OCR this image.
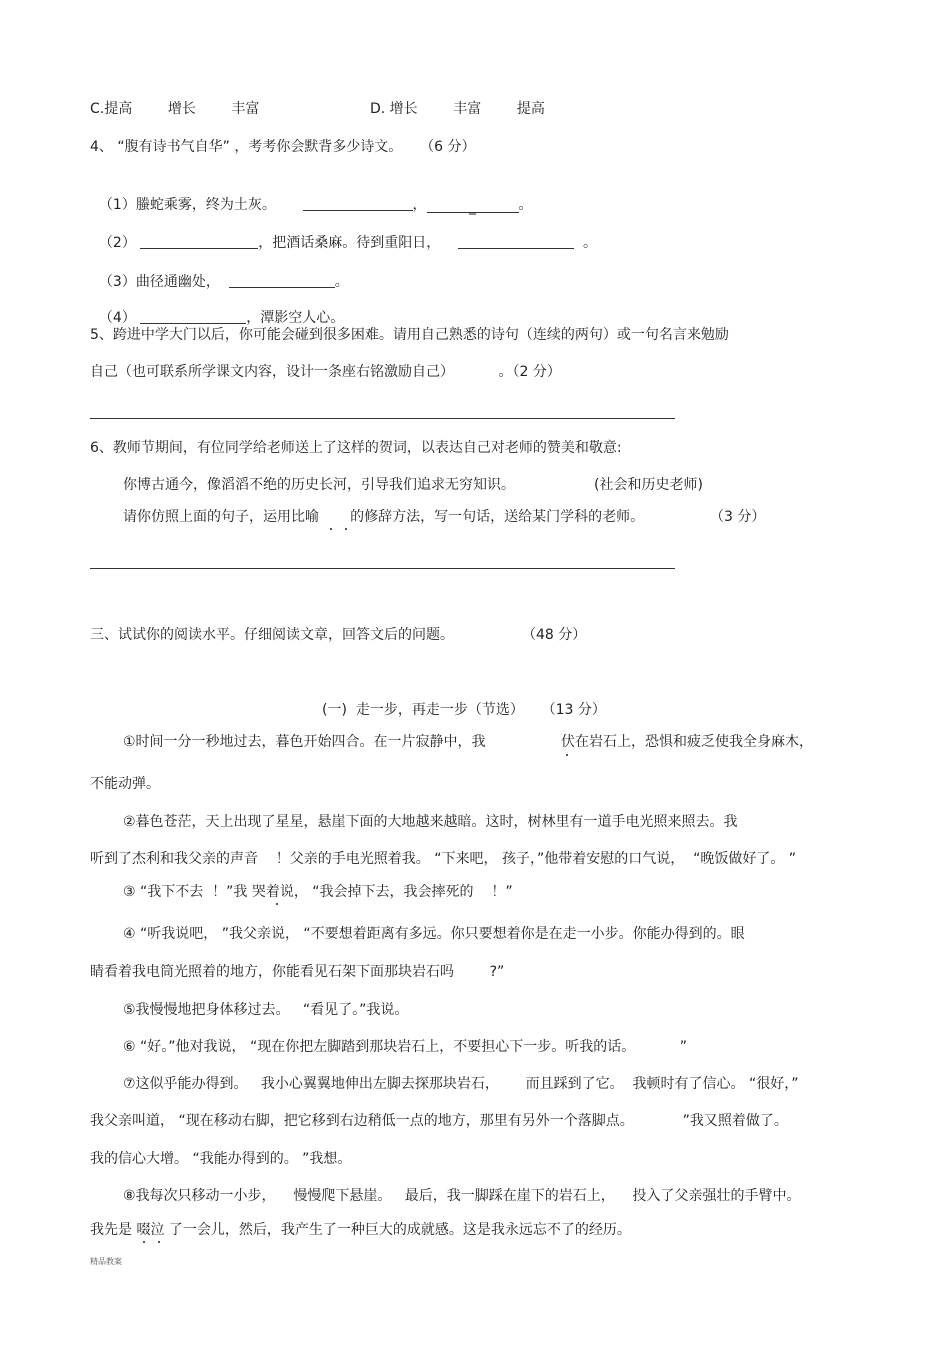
C.提高        增长        丰富	D. 增长        丰富        提高
4、 “腹有诗书气自华” ，考考你会默背多少诗文。    （6 分）

（1）螣蛇乘雾，终为土灰。	，	_	。

（2）	，把酒话桑麻。待到重阳日，	。

（3）曲径通幽处，	。

（4）	，潭影空人心。

5、跨进中学大门以后，你可能会碰到很多困难。请用自己熟悉的诗句（连续的两句）或一句名言来勉励
自己（也可联系所学课文内容，设计一条座右铭激励自己）          。（2 分）
6、教师节期间，有位同学给老师送上了这样的贺词，以表达自己对老师的赞美和敬意:
你博古通今，像滔滔不绝的历史长河，引导我们追求无穷知识。	(社会和历史老师)
请你仿照上面的句子，运用比喻 的修辞方法，写一句话，送给某门学科的老师。	（3 分）
三、试试你的阅读水平。仔细阅读文章，回答文后的问题。	（48 分）
(一)  走一步，再走一步（节选）    （13 分）
①时间一分一秒地过去，暮色开始四合。在一片寂静中，我	伏在岩石上，恐惧和疲乏使我全身麻木，
不能动弹。
②暮色苍茫，天上出现了星星，悬崖下面的大地越来越暗。这时，树林里有一道手电光照来照去。我
听到了杰利和我父亲的声音    ！父亲的手电光照着我。 “下来吧， 孩子，”他带着安慰的口气说，  “晚饭做好了。 ”
③ “我下不去  ！”我 哭着说， “我会掉下去，我会摔死的    ！”
④ “听我说吧， ”我父亲说， “不要想着距离有多远。你只要想着你是在走一小步。你能办得到的。眼
睛看着我电筒光照着的地方，你能看见石架下面那块岩石吗        ?”
⑤我慢慢地把身体移过去。   “看见了。”我说。
⑥ “好。”他对我说， “现在你把左脚踏到那块岩石上，不要担心下一步。听我的话。          ”
⑦这似乎能办得到。   我小心翼翼地伸出左脚去探那块岩石，      而且踩到了它。  我顿时有了信心。 “很好，”
我父亲叫道， “现在移动右脚，把它移到右边稍低一点的地方，那里有另外一个落脚点。           ”我又照着做了。
我的信心大增。 “我能办得到的。 ”我想。
⑧我每次只移动一小步，    慢慢爬下悬崖。   最后，我一脚踩在崖下的岩石上，    投入了父亲强壮的手臂中。
我先是 啜泣 了一会儿，然后，我产生了一种巨大的成就感。这是我永远忘不了的经历。
精品教案
